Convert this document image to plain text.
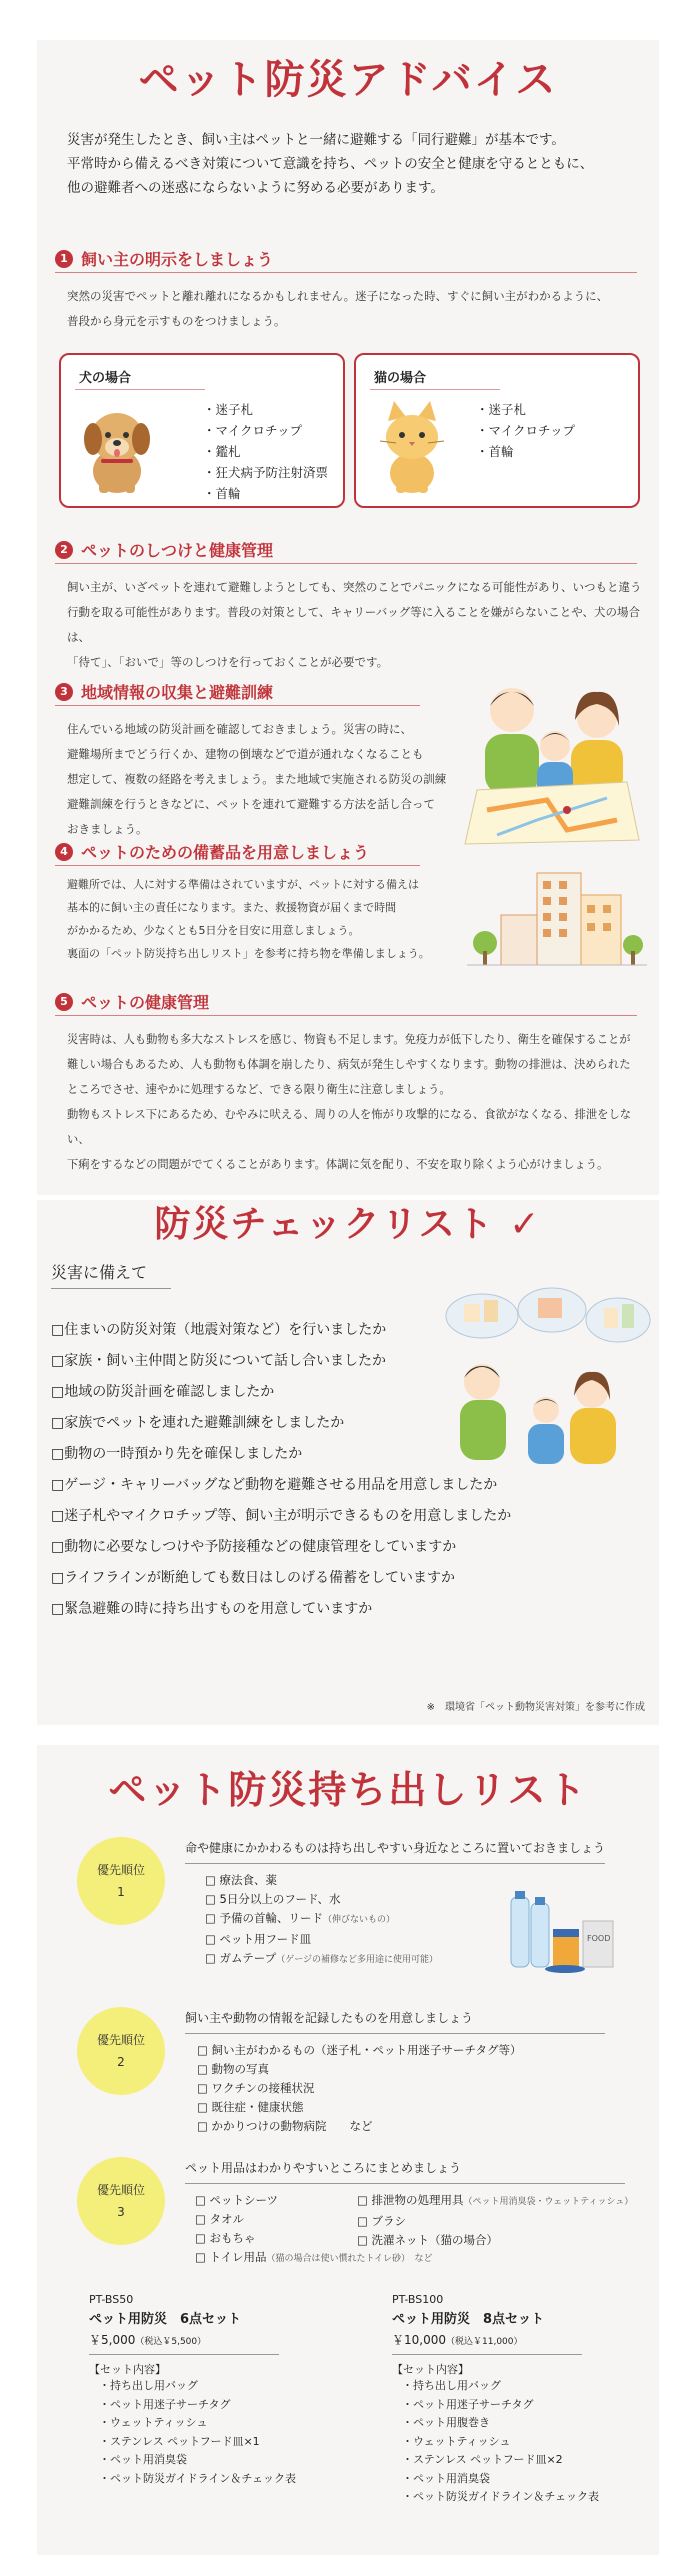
ペット防災アドバイス
災害が発生したとき、飼い主はペットと一緒に避難する「同行避難」が基本です。
平常時から備えるべき対策について意識を持ち、ペットの安全と健康を守るとともに、
他の避難者への迷惑にならないように努める必要があります。
1 飼い主の明示をしましょう
突然の災害でペットと離れ離れになるかもしれません。迷子になった時、すぐに飼い主がわかるように、
普段から身元を示すものをつけましょう。
犬の場合
・迷子札
・マイクロチップ
・鑑札
・狂犬病予防注射済票
・首輪
猫の場合
・迷子札
・マイクロチップ
・首輪
2 ペットのしつけと健康管理
飼い主が、いざペットを連れて避難しようとしても、突然のことでパニックになる可能性があり、いつもと違う
行動を取る可能性があります。普段の対策として、キャリーバッグ等に入ることを嫌がらないことや、犬の場合は、
「待て」、「おいで」等のしつけを行っておくことが必要です。
3 地域情報の収集と避難訓練
住んでいる地域の防災計画を確認しておきましょう。災害の時に、
避難場所までどう行くか、建物の倒壊などで道が通れなくなることも
想定して、複数の経路を考えましょう。また地域で実施される防災の訓練
避難訓練を行うときなどに、ペットを連れて避難する方法を話し合って
おきましょう。
4 ペットのための備蓄品を用意しましょう
避難所では、人に対する準備はされていますが、ペットに対する備えは
基本的に飼い主の責任になります。また、救援物資が届くまで時間
がかかるため、少なくとも5日分を目安に用意しましょう。
裏面の「ペット防災持ち出しリスト」を参考に持ち物を準備しましょう。
5 ペットの健康管理
災害時は、人も動物も多大なストレスを感じ、物資も不足します。免疫力が低下したり、衛生を確保することが
難しい場合もあるため、人も動物も体調を崩したり、病気が発生しやすくなります。動物の排泄は、決められた
ところでさせ、速やかに処理するなど、できる限り衛生に注意しましょう。
動物もストレス下にあるため、むやみに吠える、周りの人を怖がり攻撃的になる、食欲がなくなる、排泄をしない、
下痢をするなどの問題がでてくることがあります。体調に気を配り、不安を取り除くよう心がけましょう。
防災チェックリスト ✓
災害に備えて
□住まいの防災対策（地震対策など）を行いましたか
□家族・飼い主仲間と防災について話し合いましたか
□地域の防災計画を確認しましたか
□家族でペットを連れた避難訓練をしましたか
□動物の一時預かり先を確保しましたか
□ゲージ・キャリーバッグなど動物を避難させる用品を用意しましたか
□迷子札やマイクロチップ等、飼い主が明示できるものを用意しましたか
□動物に必要なしつけや予防接種などの健康管理をしていますか
□ライフラインが断絶しても数日はしのげる備蓄をしていますか
□緊急避難の時に持ち出すものを用意していますか
※　環境省「ペット動物災害対策」を参考に作成
ペット防災持ち出しリスト
優先順位
1
命や健康にかかわるものは持ち出しやすい身近なところに置いておきましょう
□ 療法食、薬
□ 5日分以上のフード、水
□ 予備の首輪、リード（伸びないもの）
□ ペット用フード皿
□ ガムテープ（ゲージの補修など多用途に使用可能）
FOOD
優先順位
2
飼い主や動物の情報を記録したものを用意しましょう
□ 飼い主がわかるもの（迷子札・ペット用迷子サーチタグ等）
□ 動物の写真
□ ワクチンの接種状況
□ 既往症・健康状態
□ かかりつけの動物病院　　など
優先順位
3
ペット用品はわかりやすいところにまとめましょう
□ ペットシーツ
□ タオル
□ おもちゃ
□ トイレ用品（猫の場合は使い慣れたトイレ砂）　など
□ 排泄物の処理用具（ペット用消臭袋・ウェットティッシュ）
□ ブラシ
□ 洗濯ネット（猫の場合）
PT-BS50
ペット用防災　6点セット
￥5,000（税込￥5,500）
【セット内容】
・持ち出し用バッグ
・ペット用迷子サーチタグ
・ウェットティッシュ
・ステンレス ペットフード皿×1
・ペット用消臭袋
・ペット防災ガイドライン＆チェック表
PT-BS100
ペット用防災　8点セット
￥10,000（税込￥11,000）
【セット内容】
・持ち出し用バッグ
・ペット用迷子サーチタグ
・ペット用腹巻き
・ウェットティッシュ
・ステンレス ペットフード皿×2
・ペット用消臭袋
・ペット防災ガイドライン＆チェック表
